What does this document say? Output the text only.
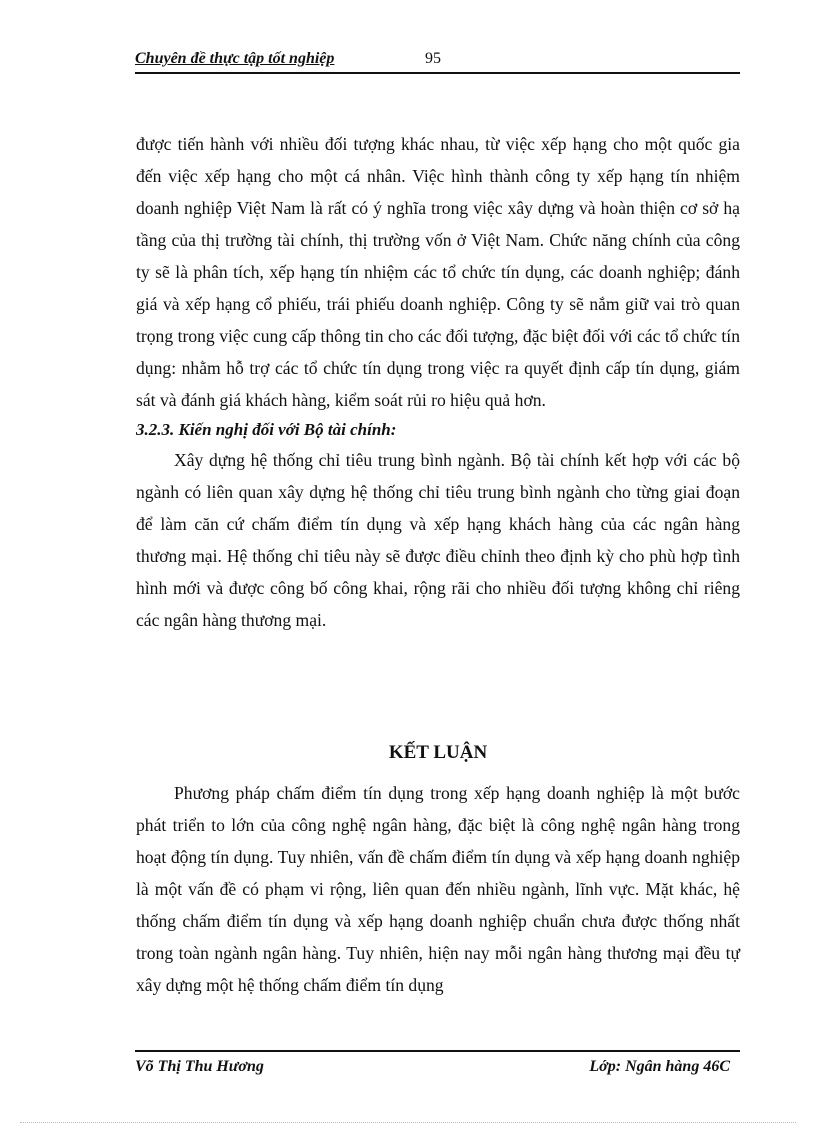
Chuyên đề thực tập tốt nghiệp	95

được tiến hành với nhiều đối tượng khác nhau, từ việc xếp hạng cho một quốc gia đến việc xếp hạng cho một cá nhân. Việc hình thành công ty xếp hạng tín nhiệm doanh nghiệp Việt Nam là rất có ý nghĩa trong việc xây dựng và hoàn thiện cơ sở hạ tầng của thị trường tài chính, thị trường vốn ở Việt Nam. Chức năng chính của công ty sẽ là phân tích, xếp hạng tín nhiệm các tổ chức tín dụng, các doanh nghiệp; đánh giá và xếp hạng cổ phiếu, trái phiếu doanh nghiệp. Công ty sẽ nắm giữ vai trò quan trọng trong việc cung cấp thông tin cho các đối tượng, đặc biệt đối với các tổ chức tín dụng: nhằm hỗ trợ các tổ chức tín dụng trong việc ra quyết định cấp tín dụng, giám sát và đánh giá khách hàng, kiểm soát rủi ro hiệu quả hơn.

3.2.3. Kiến nghị đối với Bộ tài chính:

Xây dựng hệ thống chỉ tiêu trung bình ngành. Bộ tài chính kết hợp với các bộ ngành có liên quan xây dựng hệ thống chỉ tiêu trung bình ngành cho từng giai đoạn để làm căn cứ chấm điểm tín dụng và xếp hạng khách hàng của các ngân hàng thương mại. Hệ thống chỉ tiêu này sẽ được điều chỉnh theo định kỳ cho phù hợp tình hình mới và được công bố công khai, rộng rãi cho nhiều đối tượng không chỉ riêng các ngân hàng thương mại.

KẾT LUẬN

Phương pháp chấm điểm tín dụng trong xếp hạng doanh nghiệp là một bước phát triển to lớn của công nghệ ngân hàng, đặc biệt là công nghệ ngân hàng trong hoạt động tín dụng. Tuy nhiên, vấn đề chấm điểm tín dụng và xếp hạng doanh nghiệp là một vấn đề có phạm vi rộng, liên quan đến nhiều ngành, lĩnh vực. Mặt khác, hệ thống chấm điểm tín dụng và xếp hạng doanh nghiệp chuẩn chưa được thống nhất trong toàn ngành ngân hàng. Tuy nhiên, hiện nay mỗi ngân hàng thương mại đều tự xây dựng một hệ thống chấm điểm tín dụng

Võ Thị Thu Hương	Lớp: Ngân hàng 46C
